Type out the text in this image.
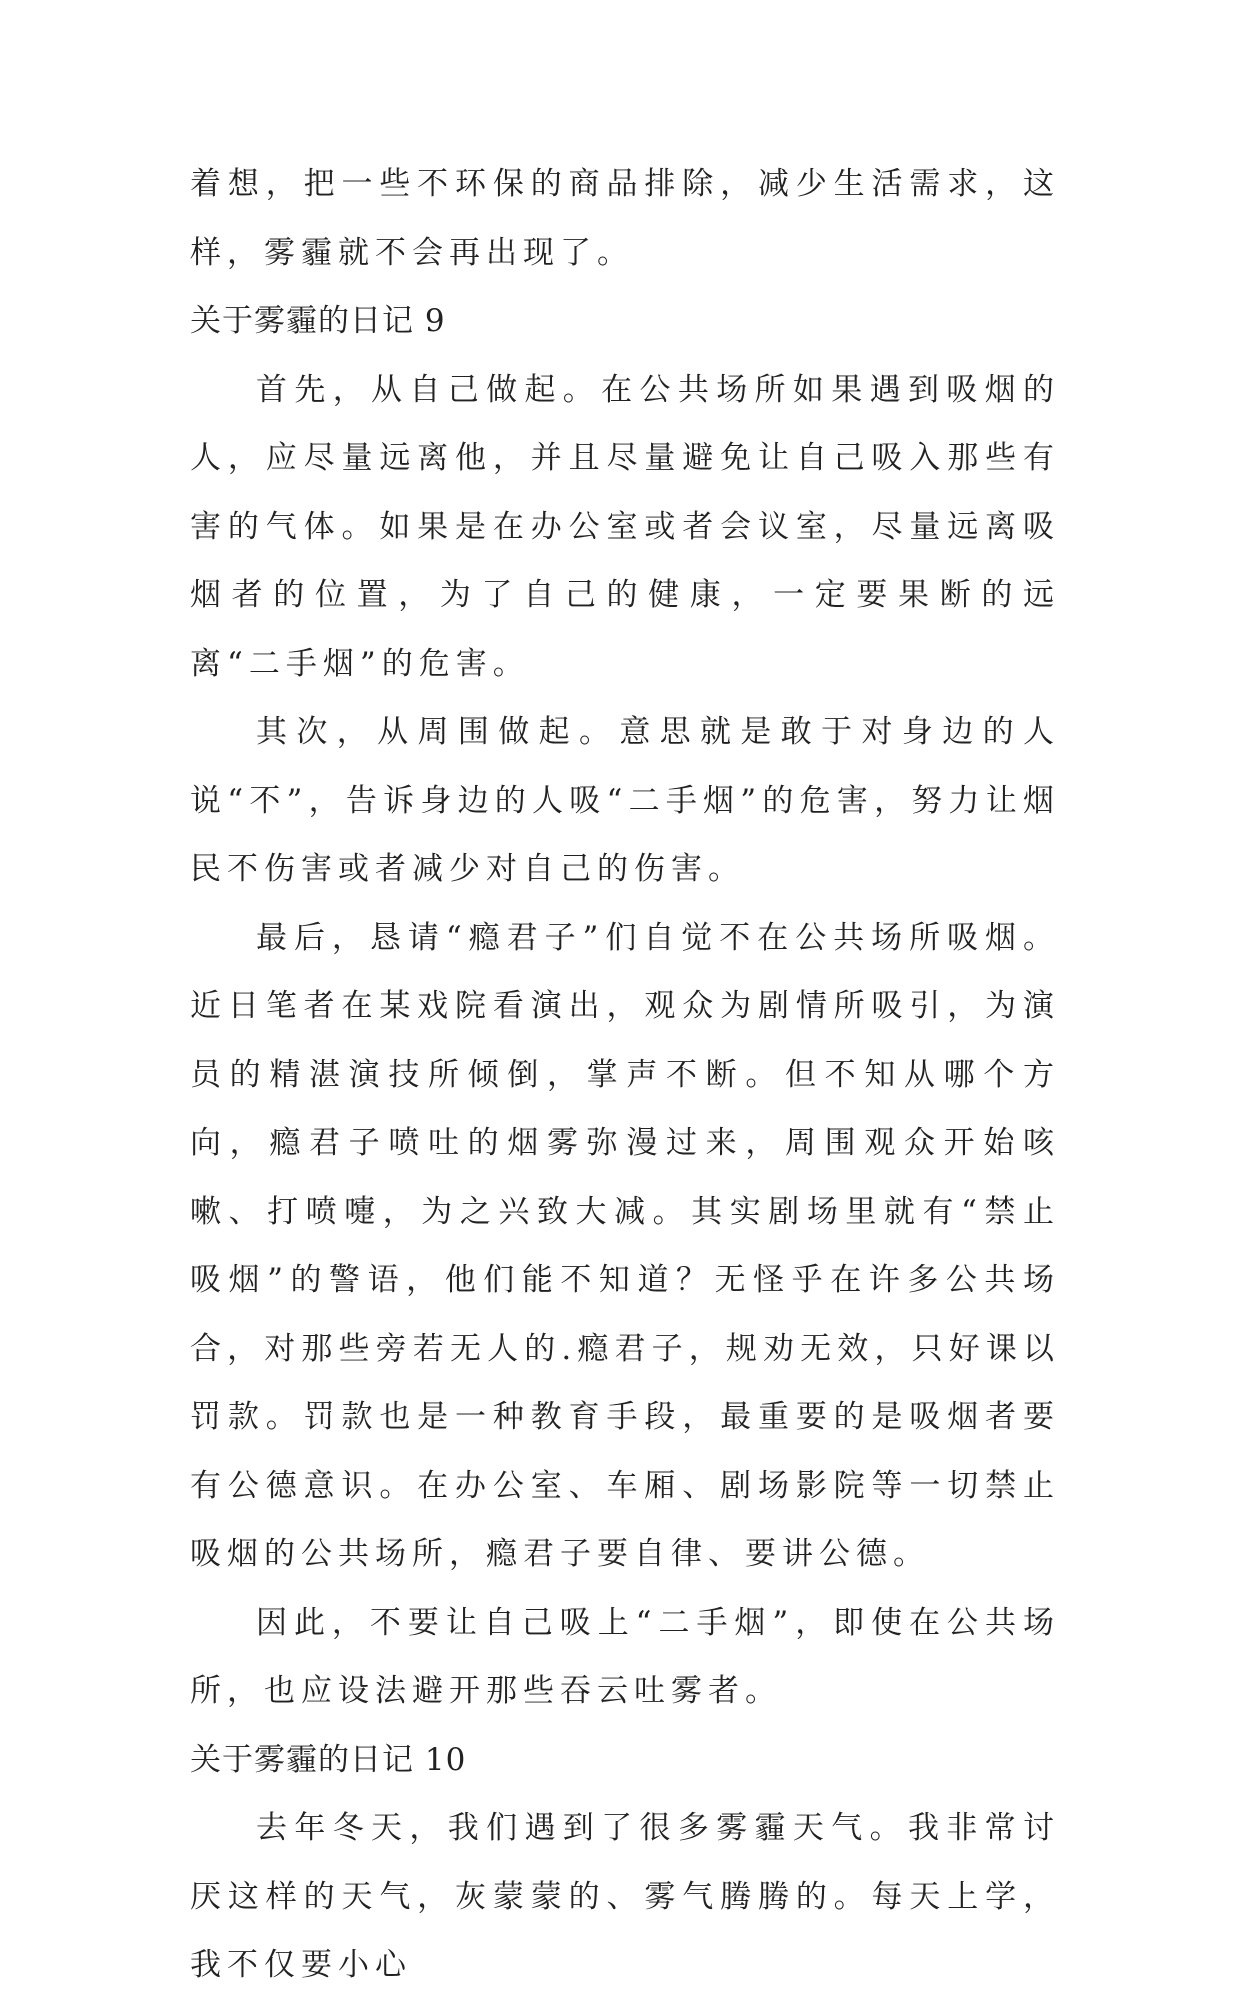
着想，把一些不环保的商品排除，减少生活需求，这样，雾霾就不会再出现了。

关于雾霾的日记 9

首先，从自己做起。在公共场所如果遇到吸烟的人，应尽量远离他，并且尽量避免让自己吸入那些有害的气体。如果是在办公室或者会议室，尽量远离吸烟者的位置，为了自己的健康，一定要果断的远离“二手烟”的危害。

其次，从周围做起。意思就是敢于对身边的人说“不”，告诉身边的人吸“二手烟”的危害，努力让烟民不伤害或者减少对自己的伤害。

最后，恳请“瘾君子”们自觉不在公共场所吸烟。近日笔者在某戏院看演出，观众为剧情所吸引，为演员的精湛演技所倾倒，掌声不断。但不知从哪个方向，瘾君子喷吐的烟雾弥漫过来，周围观众开始咳嗽、打喷嚏，为之兴致大减。其实剧场里就有“禁止吸烟”的警语，他们能不知道？无怪乎在许多公共场合，对那些旁若无人的.瘾君子，规劝无效，只好课以罚款。罚款也是一种教育手段，最重要的是吸烟者要有公德意识。在办公室、车厢、剧场影院等一切禁止吸烟的公共场所，瘾君子要自律、要讲公德。

因此，不要让自己吸上“二手烟”，即使在公共场所，也应设法避开那些吞云吐雾者。

关于雾霾的日记 10

去年冬天，我们遇到了很多雾霾天气。我非常讨厌这样的天气，灰蒙蒙的、雾气腾腾的。每天上学，我不仅要小心
